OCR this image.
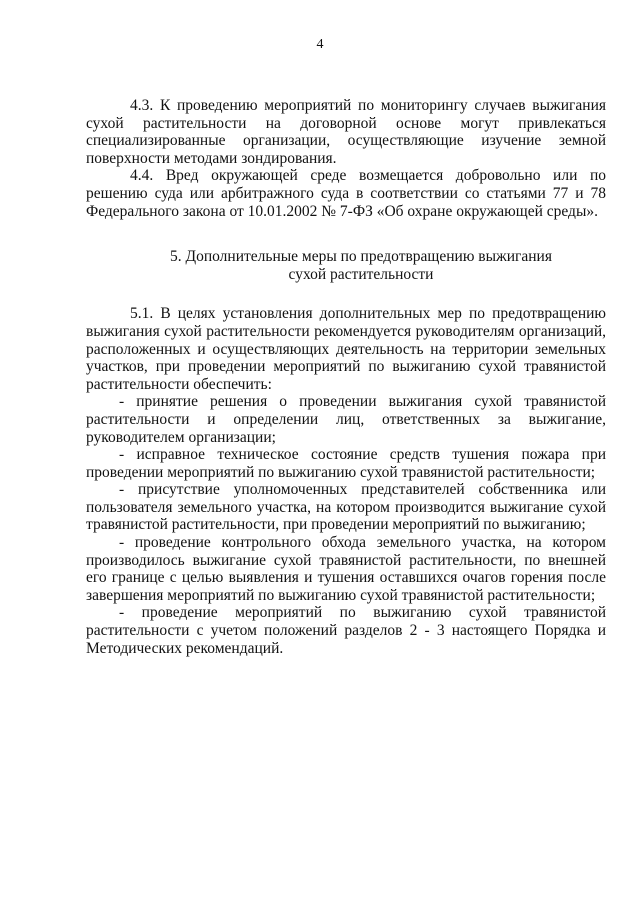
4

4.3. К проведению мероприятий по мониторингу случаев выжигания сухой растительности на договорной основе могут привлекаться специализированные организации, осуществляющие изучение земной поверхности методами зондирования.

4.4. Вред окружающей среде возмещается добровольно или по решению суда или арбитражного суда в соответствии со статьями 77 и 78 Федерального закона от 10.01.2002 № 7-ФЗ «Об охране окружающей среды».

5. Дополнительные меры по предотвращению выжигания
сухой растительности

5.1. В целях установления дополнительных мер по предотвращению выжигания сухой растительности рекомендуется руководителям организаций, расположенных и осуществляющих деятельность на территории земельных участков, при проведении мероприятий по выжиганию сухой травянистой растительности обеспечить:

- принятие решения о проведении выжигания сухой травянистой растительности и определении лиц, ответственных за выжигание, руководителем организации;

- исправное техническое состояние средств тушения пожара при проведении мероприятий по выжиганию сухой травянистой растительности;

- присутствие уполномоченных представителей собственника или пользователя земельного участка, на котором производится выжигание сухой травянистой растительности, при проведении мероприятий по выжиганию;

- проведение контрольного обхода земельного участка, на котором производилось выжигание сухой травянистой растительности, по внешней его границе с целью выявления и тушения оставшихся очагов горения после завершения мероприятий по выжиганию сухой травянистой растительности;

- проведение мероприятий по выжиганию сухой травянистой растительности с учетом положений разделов 2 - 3 настоящего Порядка и Методических рекомендаций.
